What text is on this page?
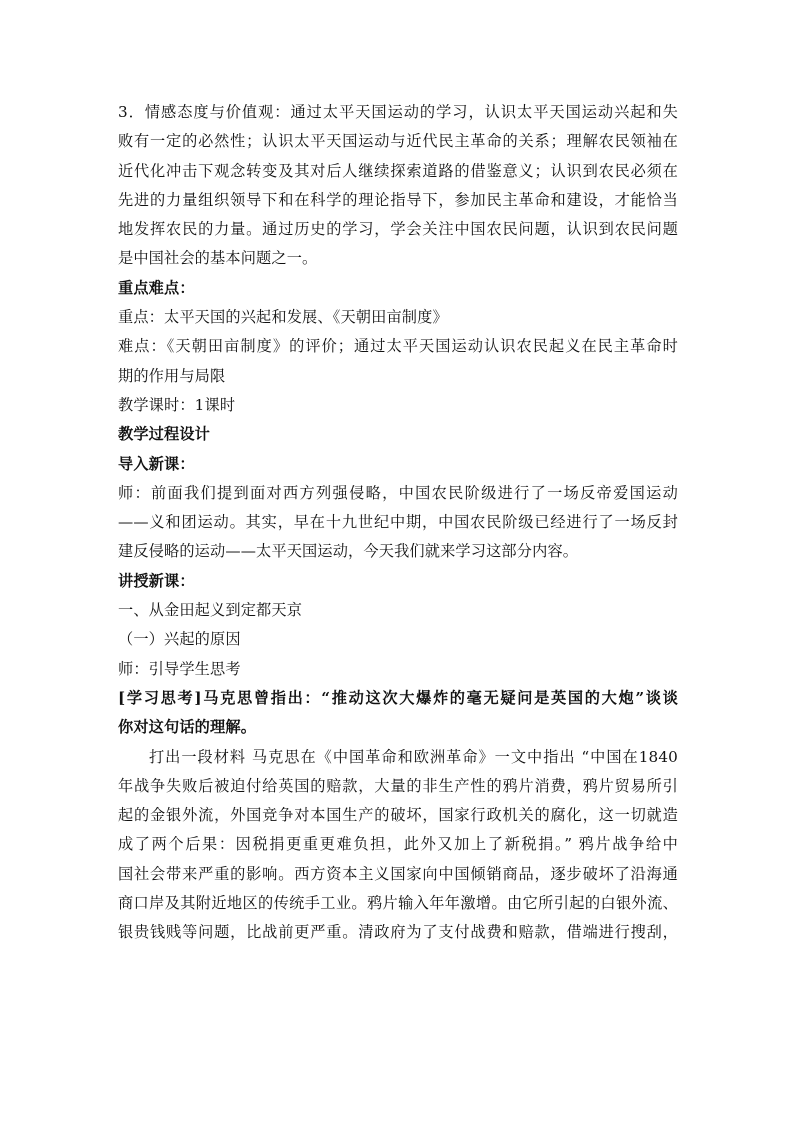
3．情感态度与价值观：通过太平天国运动的学习，认识太平天国运动兴起和失
败有一定的必然性；认识太平天国运动与近代民主革命的关系；理解农民领袖在
近代化冲击下观念转变及其对后人继续探索道路的借鉴意义；认识到农民必须在
先进的力量组织领导下和在科学的理论指导下，参加民主革命和建设，才能恰当
地发挥农民的力量。通过历史的学习，学会关注中国农民问题，认识到农民问题
是中国社会的基本问题之一。
重点难点：
重点：太平天国的兴起和发展、《天朝田亩制度》
难点：《天朝田亩制度》的评价；通过太平天国运动认识农民起义在民主革命时
期的作用与局限
教学课时：1课时
教学过程设计
导入新课：
师：前面我们提到面对西方列强侵略，中国农民阶级进行了一场反帝爱国运动
——义和团运动。其实，早在十九世纪中期，中国农民阶级已经进行了一场反封
建反侵略的运动——太平天国运动，今天我们就来学习这部分内容。
讲授新课：
一、从金田起义到定都天京
（一）兴起的原因
师：引导学生思考
[学习思考]马克思曾指出：“推动这次大爆炸的毫无疑问是英国的大炮”谈谈
你对这句话的理解。
打出一段材料 马克思在《中国革命和欧洲革命》一文中指出 “中国在1840
年战争失败后被迫付给英国的赔款，大量的非生产性的鸦片消费，鸦片贸易所引
起的金银外流，外国竞争对本国生产的破坏，国家行政机关的腐化，这一切就造
成了两个后果：因税捐更重更难负担，此外又加上了新税捐。” 鸦片战争给中
国社会带来严重的影响。西方资本主义国家向中国倾销商品，逐步破坏了沿海通
商口岸及其附近地区的传统手工业。鸦片输入年年激增。由它所引起的白银外流、
银贵钱贱等问题，比战前更严重。清政府为了支付战费和赔款，借端进行搜刮，
